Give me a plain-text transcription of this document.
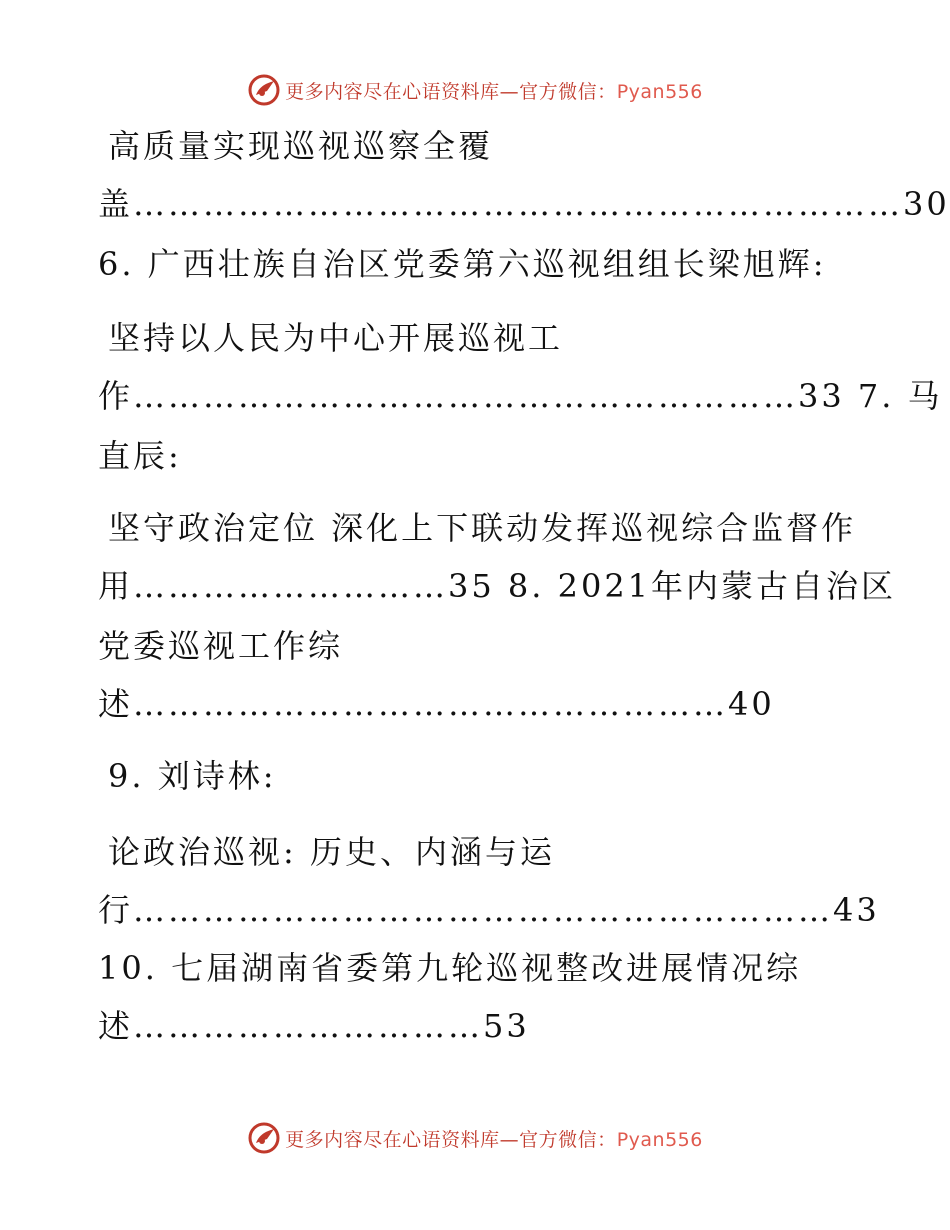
更多内容尽在心语资料库—官方微信：Pyan556
高质量实现巡视巡察全覆
盖…………………………………………………………30
6. 广西壮族自治区党委第六巡视组组长梁旭辉:
坚持以人民为中心开展巡视工
作…………………………………………………33 7. 马
直辰:
坚守政治定位 深化上下联动发挥巡视综合监督作
用………………………35 8. 2021年内蒙古自治区
党委巡视工作综
述……………………………………………40
9. 刘诗林:
论政治巡视: 历史、内涵与运
行……………………………………………………43
10. 七届湖南省委第九轮巡视整改进展情况综
述…………………………53
更多内容尽在心语资料库—官方微信：Pyan556
